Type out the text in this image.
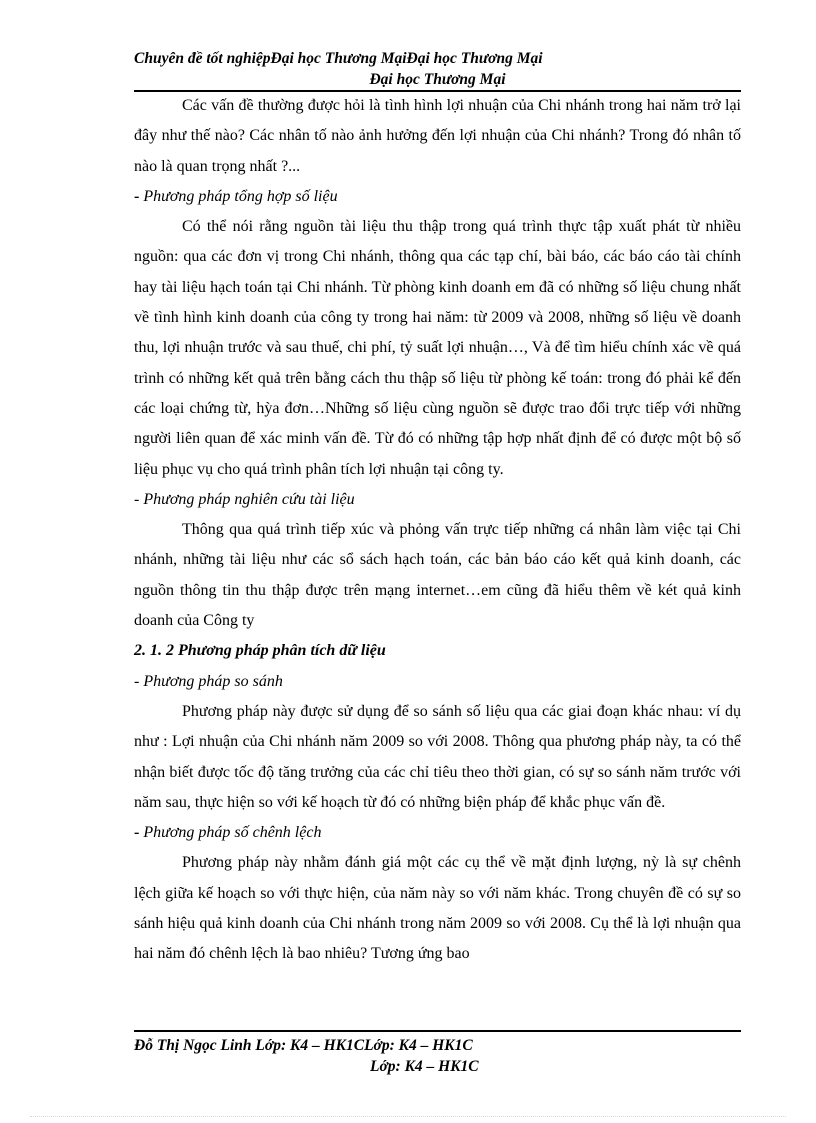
Chuyên đề tốt nghiệpĐại học Thương MạiĐại học Thương Mại
Đại học Thương Mại

Các vấn đề thường được hỏi là tình hình lợi nhuận của Chi nhánh trong hai năm trở lại đây như thế nào? Các nhân tố nào ảnh hưởng đến lợi nhuận của Chi nhánh? Trong đó nhân tố nào là quan trọng nhất ?...

- Phương pháp tổng hợp số liệu

Có thể nói rằng nguồn tài liệu thu thập trong quá trình thực tập xuất phát từ nhiều nguồn: qua các đơn vị trong Chi nhánh, thông qua các tạp chí, bài báo, các báo cáo tài chính hay tài liệu hạch toán tại Chi nhánh. Từ phòng kinh doanh em đã có những số liệu chung nhất về tình hình kinh doanh của công ty trong hai năm: từ 2009 và 2008, những số liệu về doanh thu, lợi nhuận trước và sau thuế, chi phí, tỷ suất lợi nhuận…, Và để tìm hiểu chính xác về quá trình có những kết quả trên bằng cách thu thập số liệu từ phòng kế toán: trong đó phải kể đến các loại chứng từ, hỳa đơn…Những số liệu cùng nguồn sẽ được trao đổi trực tiếp với những người liên quan để xác minh vấn đề. Từ đó có những tập hợp nhất định để có được một bộ số liệu phục vụ cho quá trình phân tích lợi nhuận tại công ty.

- Phương pháp nghiên cứu tài liệu

Thông qua quá trình tiếp xúc và phỏng vấn trực tiếp những cá nhân làm việc tại Chi nhánh, những tài liệu như các sổ sách hạch toán, các bản báo cáo kết quả kinh doanh, các nguồn thông tin thu thập được trên mạng internet…em cũng đã hiểu thêm về két quả kinh doanh của Công ty

2. 1. 2 Phương pháp phân tích dữ liệu

- Phương pháp so sánh

Phương pháp này được sử dụng để so sánh số liệu qua các giai đoạn khác nhau: ví dụ như : Lợi nhuận của Chi nhánh năm 2009 so với 2008. Thông qua phương pháp này, ta có thể nhận biết được tốc độ tăng trưởng của các chỉ tiêu theo thời gian, có sự so sánh năm trước với năm sau, thực hiện so với kế hoạch từ đó có những biện pháp để khắc phục vấn đề.

- Phương pháp số chênh lệch

Phương pháp này nhằm đánh giá một các cụ thể về mặt định lượng, nỳ là sự chênh lệch giữa kế hoạch so với thực hiện, của năm này so với năm khác. Trong chuyên đề có sự so sánh hiệu quả kinh doanh của Chi nhánh trong năm 2009 so với 2008. Cụ thể là lợi nhuận qua hai năm đó chênh lệch là bao nhiêu? Tương ứng bao

Đỗ Thị Ngọc Linh Lớp: K4 – HK1CLớp: K4 – HK1C
Lớp: K4 – HK1C
